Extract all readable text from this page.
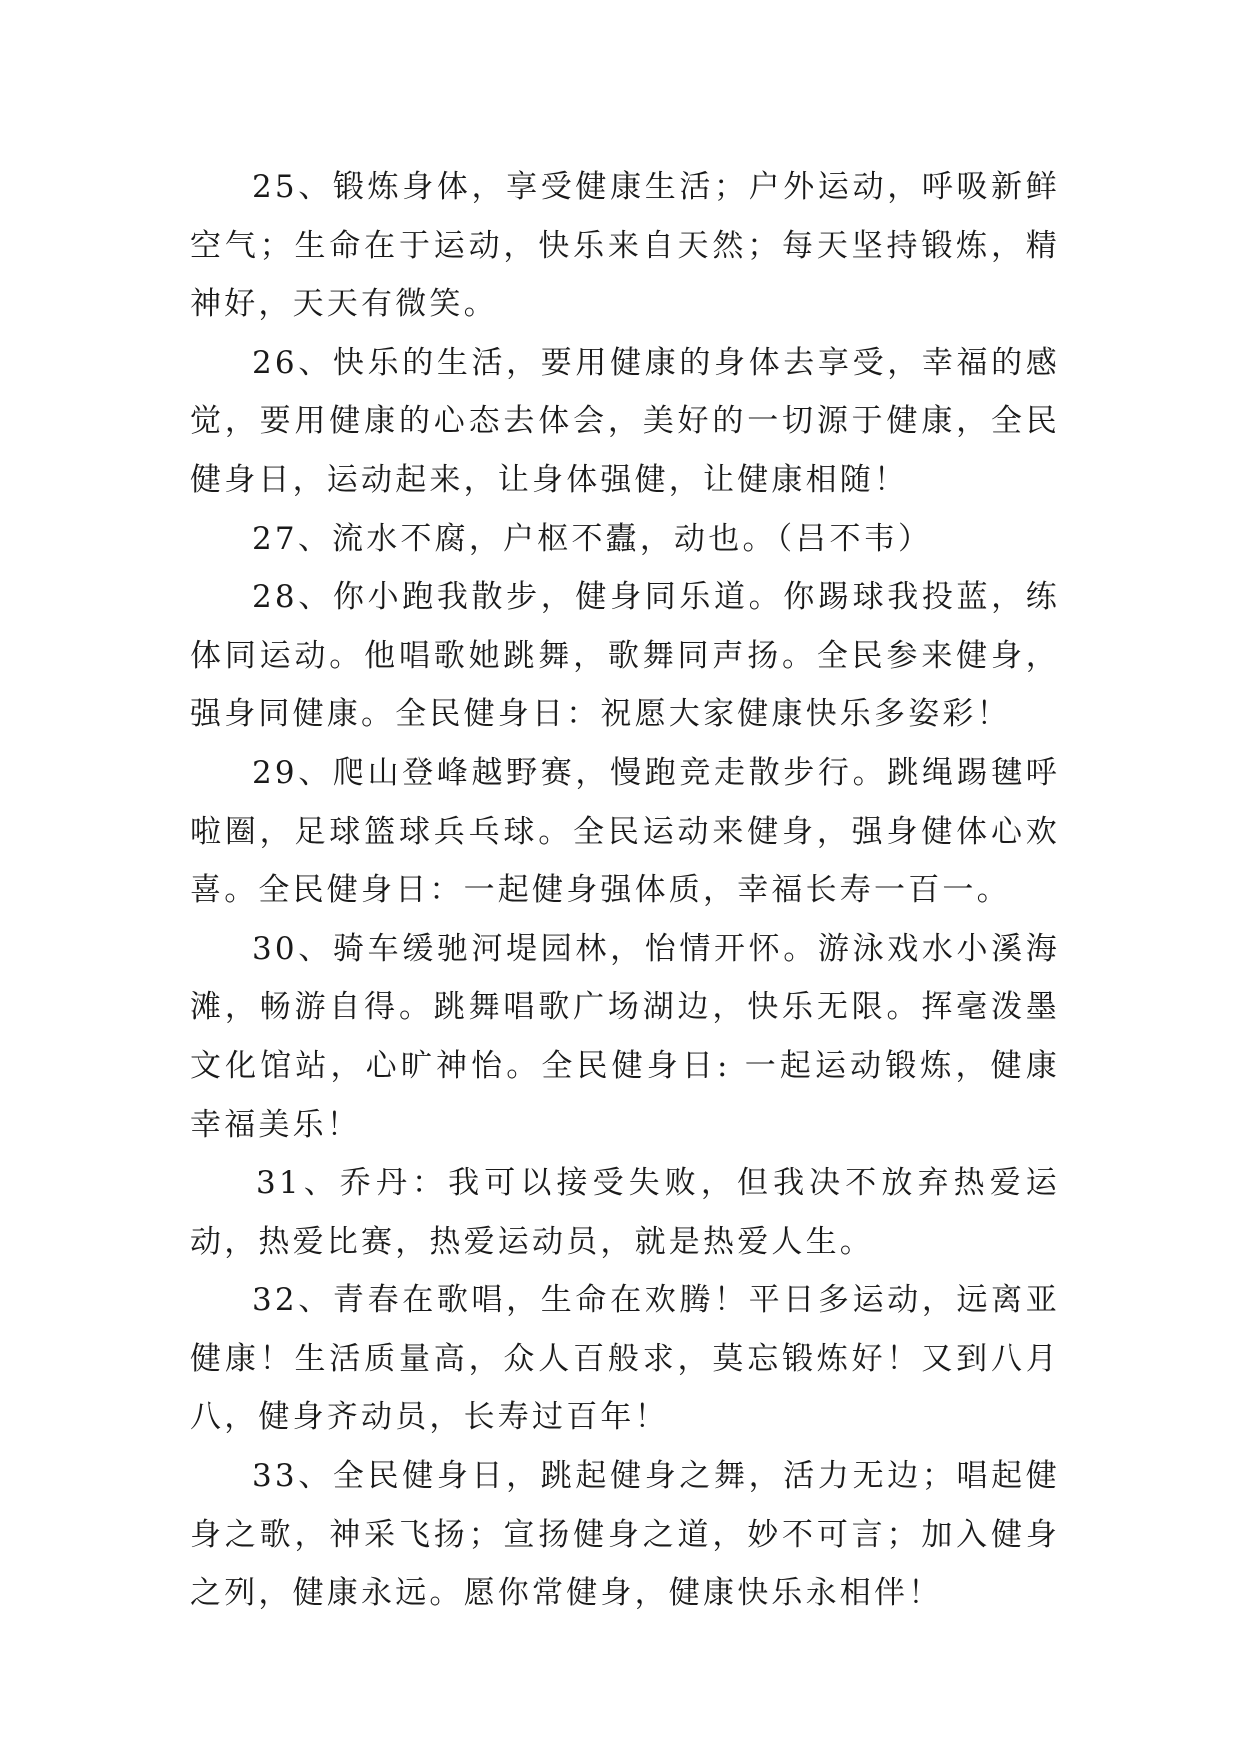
25、锻炼身体，享受健康生活；户外运动，呼吸新鲜空气；生命在于运动，快乐来自天然；每天坚持锻炼，精神好，天天有微笑。

26、快乐的生活，要用健康的身体去享受，幸福的感觉，要用健康的心态去体会，美好的一切源于健康，全民健身日，运动起来，让身体强健，让健康相随！

27、流水不腐，户枢不蠹，动也。（吕不韦）

28、你小跑我散步，健身同乐道。你踢球我投蓝，练体同运动。他唱歌她跳舞，歌舞同声扬。全民参来健身，强身同健康。全民健身日：祝愿大家健康快乐多姿彩！

29、爬山登峰越野赛，慢跑竞走散步行。跳绳踢毽呼啦圈，足球篮球兵乓球。全民运动来健身，强身健体心欢喜。全民健身日：一起健身强体质，幸福长寿一百一。

30、骑车缓驰河堤园林，怡情开怀。游泳戏水小溪海滩，畅游自得。跳舞唱歌广场湖边，快乐无限。挥毫泼墨文化馆站，心旷神怡。全民健身日: 一起运动锻炼，健康幸福美乐！

31、乔丹：我可以接受失败，但我决不放弃热爱运动，热爱比赛，热爱运动员，就是热爱人生。

32、青春在歌唱，生命在欢腾！平日多运动，远离亚健康！生活质量高，众人百般求，莫忘锻炼好！又到八月八，健身齐动员，长寿过百年！

33、全民健身日，跳起健身之舞，活力无边；唱起健身之歌，神采飞扬；宣扬健身之道，妙不可言；加入健身之列，健康永远。愿你常健身，健康快乐永相伴！
